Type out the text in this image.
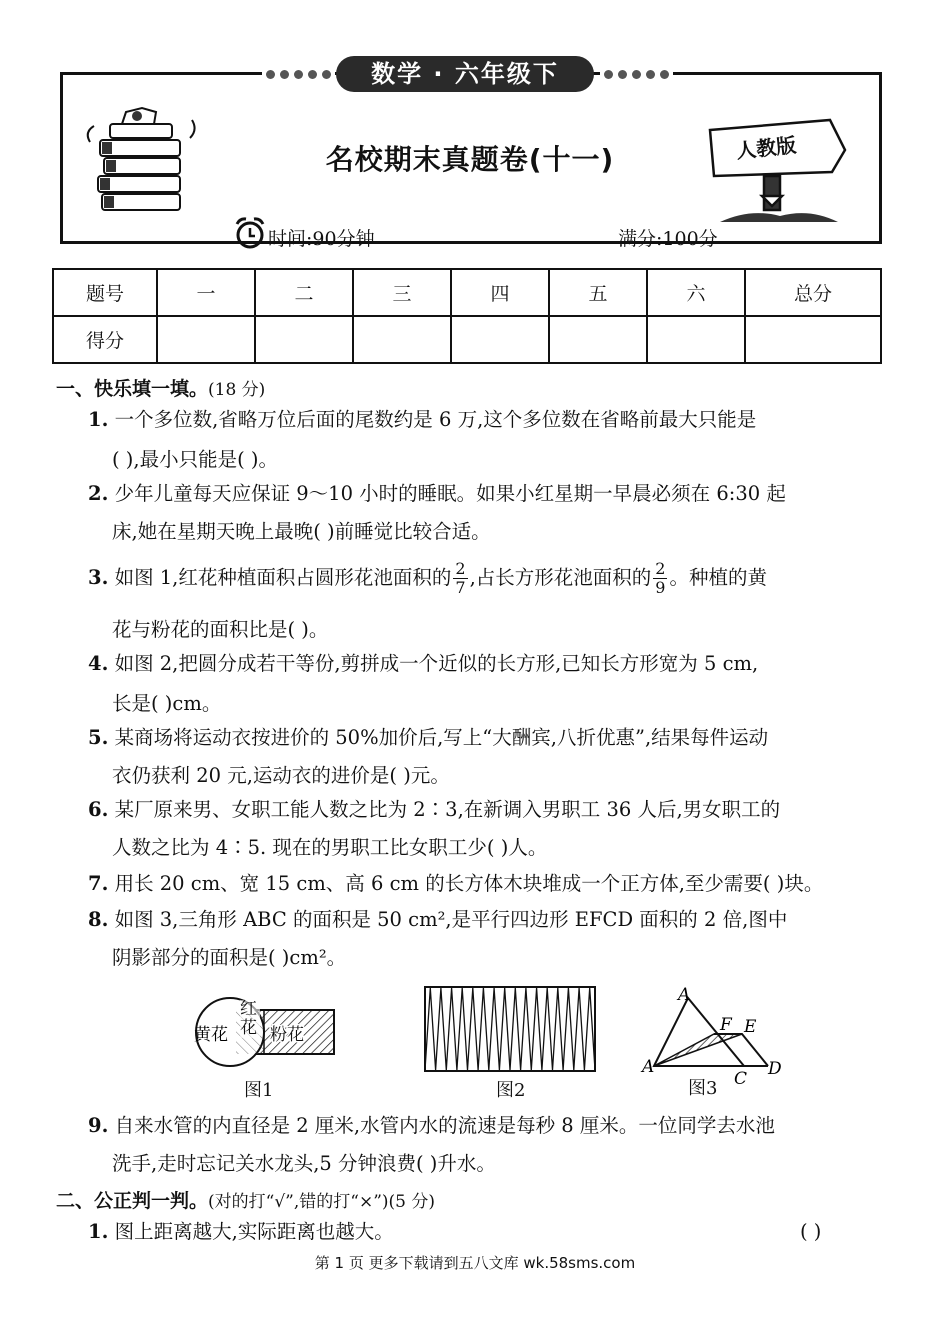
数学 · 六年级下
名校期末真题卷(十一)	人教版
时间:90分钟	满分:100分
题号	一	二	三	四	五	六	总分
得分							
一、快乐填一填。(18 分)
1. 一个多位数,省略万位后面的尾数约是 6 万,这个多位数在省略前最大只能是
( ),最小只能是( )。
2. 少年儿童每天应保证 9～10 小时的睡眠。如果小红星期一早晨必须在 6:30 起
床,她在星期天晚上最晚( )前睡觉比较合适。
3. 如图 1,红花种植面积占圆形花池面积的 $\frac{2}{7}$ ,占长方形花池面积的 $\frac{2}{9}$ 。种植的黄
花与粉花的面积比是( )。
4. 如图 2,把圆分成若干等份,剪拼成一个近似的长方形,已知长方形宽为 5 cm,
长是( )cm。
5. 某商场将运动衣按进价的 50%加价后,写上“大酬宾,八折优惠”,结果每件运动
衣仍获利 20 元,运动衣的进价是( )元。
6. 某厂原来男、女职工能人数之比为 2∶3,在新调入男职工 36 人后,男女职工的
人数之比为 4∶5. 现在的男职工比女职工少( )人。
7. 用长 20 cm、宽 15 cm、高 6 cm 的长方体木块堆成一个正方体,至少需要( )块。
8. 如图 3,三角形 ABC 的面积是 50 cm²,是平行四边形 EFCD 面积的 2 倍,图中
阴影部分的面积是( )cm²。
黄花 粉花
红花
图1	图2
A
A
F E
C D
图3
9. 自来水管的内直径是 2 厘米,水管内水的流速是每秒 8 厘米。一位同学去水池
洗手,走时忘记关水龙头,5 分钟浪费( )升水。
二、公正判一判。(对的打“√”,错的打“×”)(5 分)
1. 图上距离越大,实际距离也越大。	( )
第 1 页 更多下载请到五八文库 wk.58sms.com
